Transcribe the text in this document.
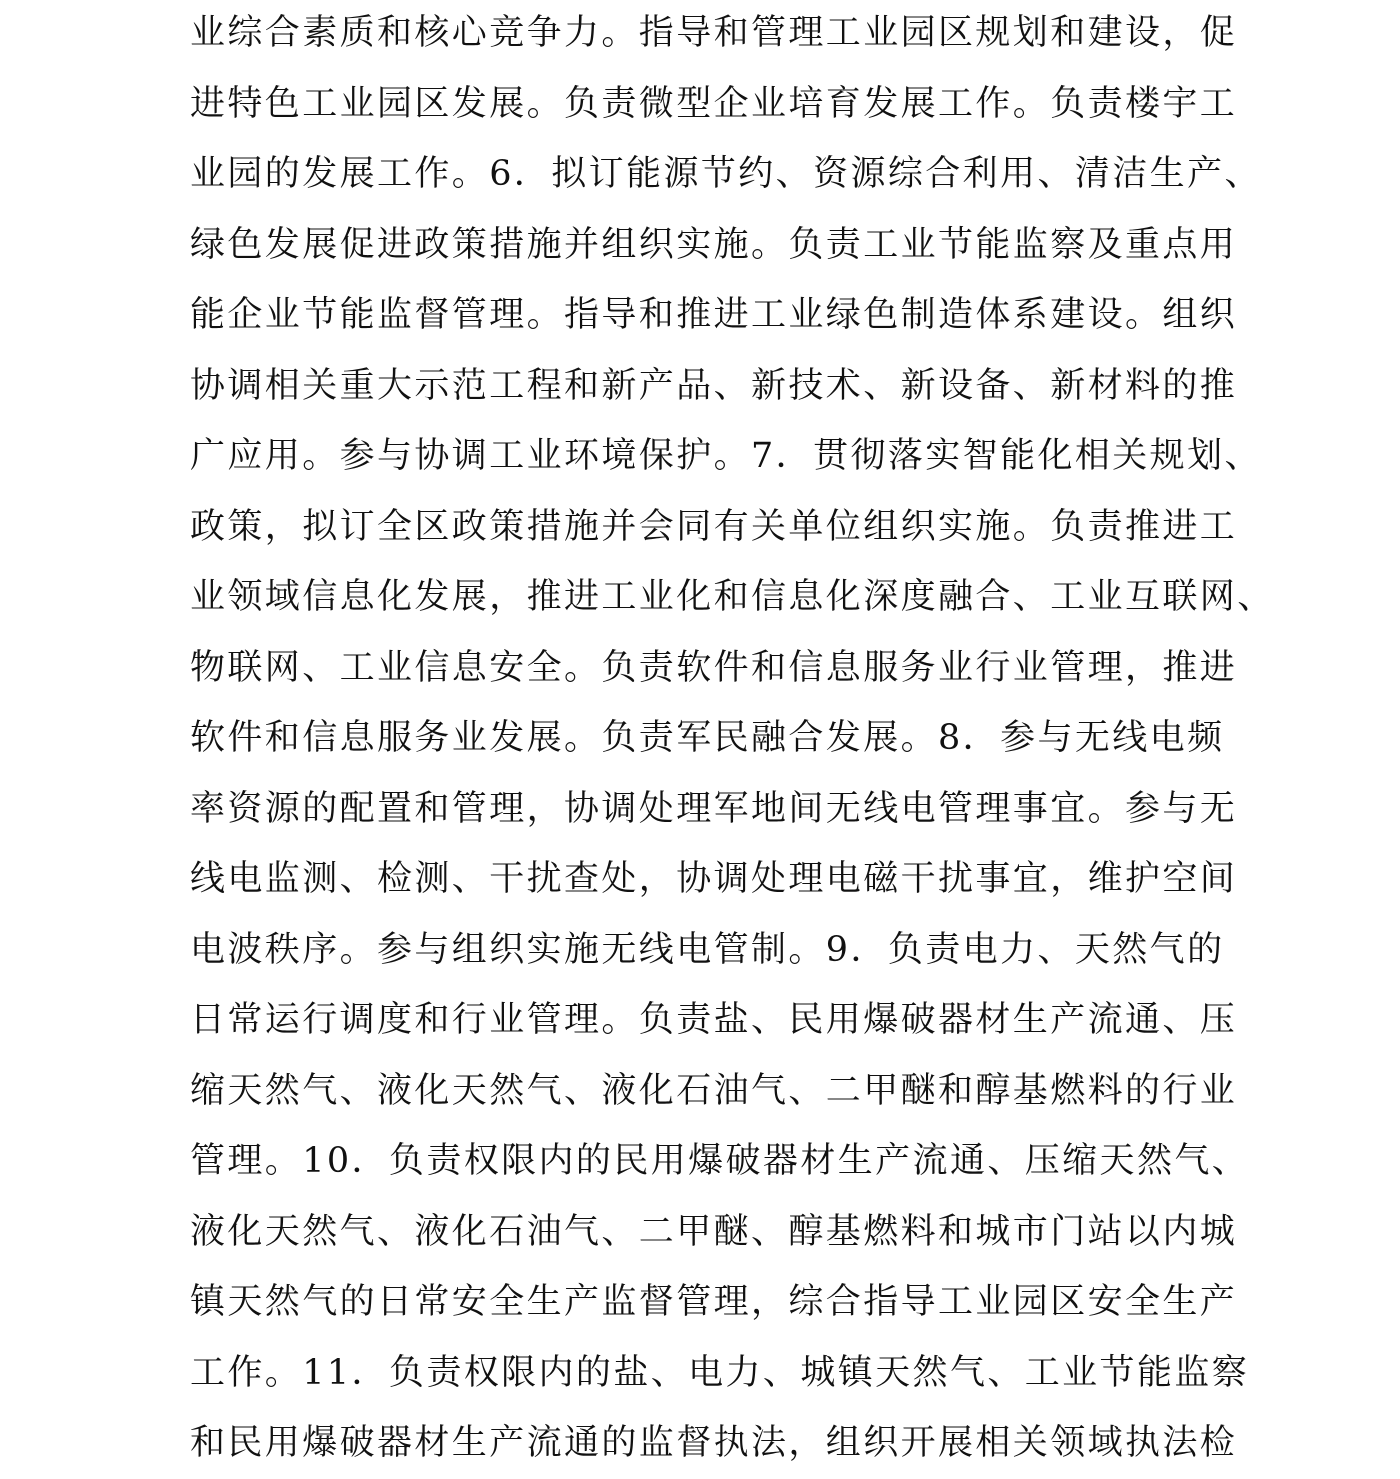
业综合素质和核心竞争力。指导和管理工业园区规划和建设，促
进特色工业园区发展。负责微型企业培育发展工作。负责楼宇工
业园的发展工作。6．拟订能源节约、资源综合利用、清洁生产、
绿色发展促进政策措施并组织实施。负责工业节能监察及重点用
能企业节能监督管理。指导和推进工业绿色制造体系建设。组织
协调相关重大示范工程和新产品、新技术、新设备、新材料的推
广应用。参与协调工业环境保护。7．贯彻落实智能化相关规划、
政策，拟订全区政策措施并会同有关单位组织实施。负责推进工
业领域信息化发展，推进工业化和信息化深度融合、工业互联网、
物联网、工业信息安全。负责软件和信息服务业行业管理，推进
软件和信息服务业发展。负责军民融合发展。8．参与无线电频
率资源的配置和管理，协调处理军地间无线电管理事宜。参与无
线电监测、检测、干扰查处，协调处理电磁干扰事宜，维护空间
电波秩序。参与组织实施无线电管制。9．负责电力、天然气的
日常运行调度和行业管理。负责盐、民用爆破器材生产流通、压
缩天然气、液化天然气、液化石油气、二甲醚和醇基燃料的行业
管理。10．负责权限内的民用爆破器材生产流通、压缩天然气、
液化天然气、液化石油气、二甲醚、醇基燃料和城市门站以内城
镇天然气的日常安全生产监督管理，综合指导工业园区安全生产
工作。11．负责权限内的盐、电力、城镇天然气、工业节能监察
和民用爆破器材生产流通的监督执法，组织开展相关领域执法检
